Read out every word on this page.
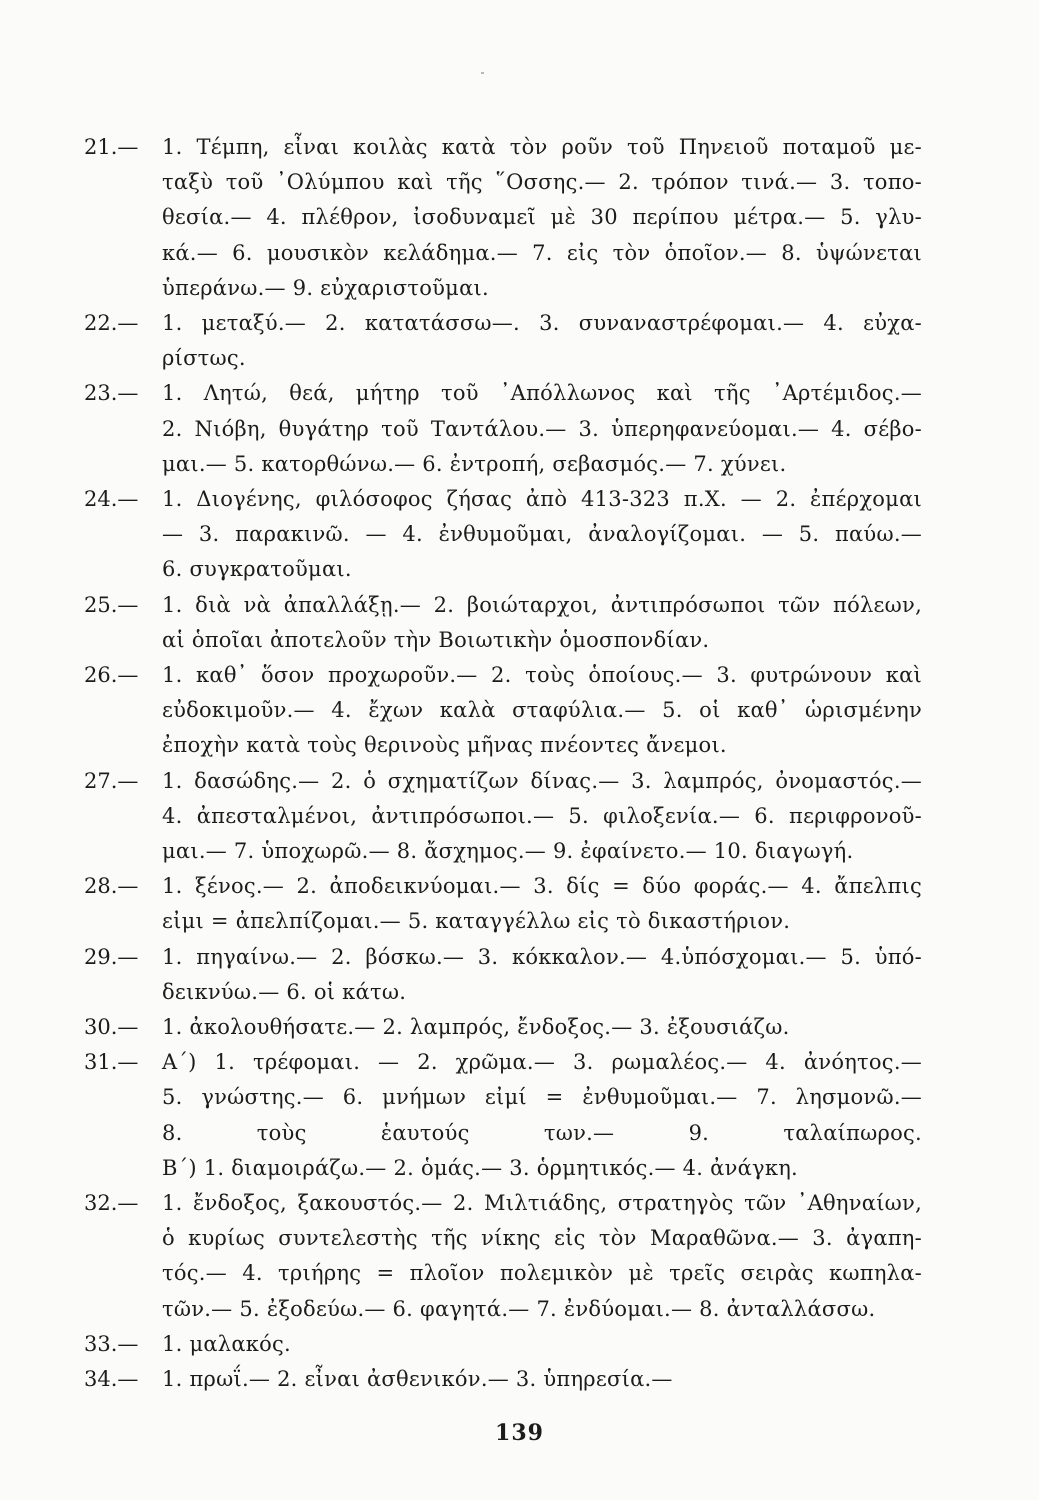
21.—	1. Τέμπη, εἶναι κοιλὰς κατὰ τὸν ροῦν τοῦ Πηνειοῦ ποταμοῦ με-
ταξὺ τοῦ ᾿Ολύμπου καὶ τῆς ῞Οσσης.— 2. τρόπον τινά.— 3. τοπο-
θεσία.— 4. πλέθρον, ἰσοδυναμεῖ μὲ 30 περίπου μέτρα.— 5. γλυ-
κά.— 6. μουσικὸν κελάδημα.— 7. εἰς τὸν ὁποῖον.— 8. ὑψώνεται
ὑπεράνω.— 9. εὐχαριστοῦμαι.
22.—	1. μεταξύ.— 2. κατατάσσω—. 3. συναναστρέφομαι.— 4. εὐχα-
ρίστως.
23.—	1. Λητώ, θεά, μήτηρ τοῦ ᾿Απόλλωνος καὶ τῆς ᾿Αρτέμιδος.—
2. Νιόβη, θυγάτηρ τοῦ Ταντάλου.— 3. ὑπερηφανεύομαι.— 4. σέβο-
μαι.— 5. κατορθώνω.— 6. ἐντροπή, σεβασμός.— 7. χύνει.
24.—	1. Διογένης, φιλόσοφος ζήσας ἀπὸ 413-323 π.Χ. — 2. ἐπέρχομαι
— 3. παρακινῶ. — 4. ἐνθυμοῦμαι, ἀναλογίζομαι. — 5. παύω.—
6. συγκρατοῦμαι.
25.—	1. διὰ νὰ ἀπαλλάξῃ.— 2. βοιώταρχοι, ἀντιπρόσωποι τῶν πόλεων,
αἱ ὁποῖαι ἀποτελοῦν τὴν Βοιωτικὴν ὁμοσπονδίαν.
26.—	1. καθ᾿ ὅσον προχωροῦν.— 2. τοὺς ὁποίους.— 3. φυτρώνουν καὶ
εὐδοκιμοῦν.— 4. ἔχων καλὰ σταφύλια.— 5. οἱ καθ᾿ ὡρισμένην
ἐποχὴν κατὰ τοὺς θερινοὺς μῆνας πνέοντες ἄνεμοι.
27.—	1. δασώδης.— 2. ὁ σχηματίζων δίνας.— 3. λαμπρός, ὀνομαστός.—
4. ἀπεσταλμένοι, ἀντιπρόσωποι.— 5. φιλοξενία.— 6. περιφρονοῦ-
μαι.— 7. ὑποχωρῶ.— 8. ἄσχημος.— 9. ἐφαίνετο.— 10. διαγωγή.
28.—	1. ξένος.— 2. ἀποδεικνύομαι.— 3. δίς = δύο φοράς.— 4. ἄπελπις
εἰμι = ἀπελπίζομαι.— 5. καταγγέλλω εἰς τὸ δικαστήριον.
29.—	1. πηγαίνω.— 2. βόσκω.— 3. κόκκαλον.— 4.ὑπόσχομαι.— 5. ὑπό-
δεικνύω.— 6. οἱ κάτω.
30.—	1. ἀκολουθήσατε.— 2. λαμπρός, ἔνδοξος.— 3. ἐξουσιάζω.
31.—	Α´) 1. τρέφομαι. — 2. χρῶμα.— 3. ρωμαλέος.— 4. ἀνόητος.—
5. γνώστης.— 6. μνήμων εἰμί = ἐνθυμοῦμαι.— 7. λησμονῶ.—
8. τοὺς ἑαυτούς των.— 9. ταλαίπωρος.
Β´) 1. διαμοιράζω.— 2. ὁμάς.— 3. ὁρμητικός.— 4. ἀνάγκη.
32.—	1. ἔνδοξος, ξακουστός.— 2. Μιλτιάδης, στρατηγὸς τῶν ᾿Αθηναίων,
ὁ κυρίως συντελεστὴς τῆς νίκης εἰς τὸν Μαραθῶνα.— 3. ἀγαπη-
τός.— 4. τριήρης = πλοῖον πολεμικὸν μὲ τρεῖς σειρὰς κωπηλα-
τῶν.— 5. ἐξοδεύω.— 6. φαγητά.— 7. ἐνδύομαι.— 8. ἀνταλλάσσω.
33.—	1. μαλακός.
34.—	1. πρωΐ.— 2. εἶναι ἀσθενικόν.— 3. ὑπηρεσία.—
139
